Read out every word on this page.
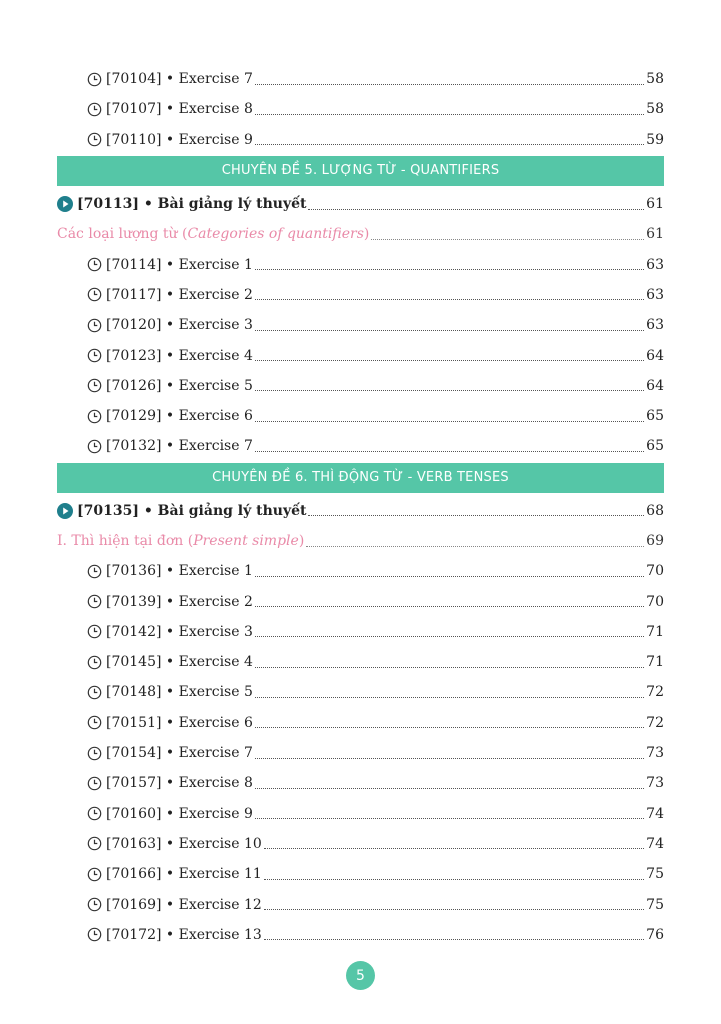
[70104] • Exercise 7	58
[70107] • Exercise 8	58
[70110] • Exercise 9	59
CHUYÊN ĐỀ 5. LƯỢNG TỪ - QUANTIFIERS
[70113] • Bài giảng lý thuyết	61
Các loại lượng từ (Categories of quantifiers)	61
[70114] • Exercise 1	63
[70117] • Exercise 2	63
[70120] • Exercise 3	63
[70123] • Exercise 4	64
[70126] • Exercise 5	64
[70129] • Exercise 6	65
[70132] • Exercise 7	65
CHUYÊN ĐỀ 6. THÌ ĐỘNG TỪ - VERB TENSES
[70135] • Bài giảng lý thuyết	68
I. Thì hiện tại đơn (Present simple)	69
[70136] • Exercise 1	70
[70139] • Exercise 2	70
[70142] • Exercise 3	71
[70145] • Exercise 4	71
[70148] • Exercise 5	72
[70151] • Exercise 6	72
[70154] • Exercise 7	73
[70157] • Exercise 8	73
[70160] • Exercise 9	74
[70163] • Exercise 10	74
[70166] • Exercise 11	75
[70169] • Exercise 12	75
[70172] • Exercise 13	76
5
